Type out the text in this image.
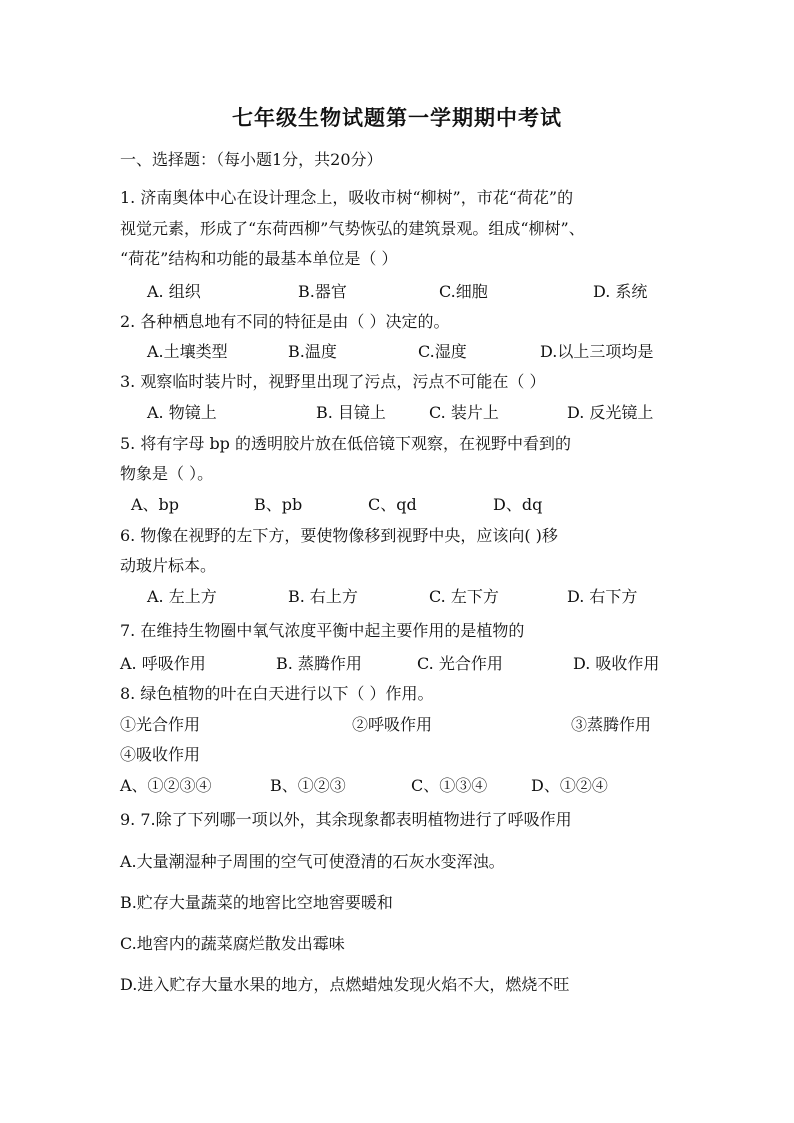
七年级生物试题第一学期期中考试
一、选择题：（每小题1分，共20分）
1. 济南奥体中心在设计理念上，吸收市树“柳树”，市花“荷花”的
视觉元素，形成了“东荷西柳”气势恢弘的建筑景观。组成“柳树”、
“荷花”结构和功能的最基本单位是（ ）
A. 组织	B.器官	C.细胞	D. 系统
2. 各种栖息地有不同的特征是由（ ）决定的。
A.土壤类型	B.温度	C.湿度	D.以上三项均是
3. 观察临时装片时，视野里出现了污点，污点不可能在（ ）
A. 物镜上	B. 目镜上	C. 装片上	D. 反光镜上
5. 将有字母 bp 的透明胶片放在低倍镜下观察，在视野中看到的
物象是（ ）。
A、bp	B、pb	C、qd	D、dq
6. 物像在视野的左下方，要使物像移到视野中央，应该向( )移
动玻片标本。
A. 左上方	B. 右上方	C. 左下方	D. 右下方
7. 在维持生物圈中氧气浓度平衡中起主要作用的是植物的
A. 呼吸作用	B. 蒸腾作用	C. 光合作用	D. 吸收作用
8. 绿色植物的叶在白天进行以下（ ）作用。
①光合作用	②呼吸作用	③蒸腾作用
④吸收作用
A、①②③④	B、①②③	C、①③④	D、①②④
9. 7.除了下列哪一项以外，其余现象都表明植物进行了呼吸作用
A.大量潮湿种子周围的空气可使澄清的石灰水变浑浊。
B.贮存大量蔬菜的地窖比空地窖要暖和
C.地窖内的蔬菜腐烂散发出霉味
D.进入贮存大量水果的地方，点燃蜡烛发现火焰不大，燃烧不旺
